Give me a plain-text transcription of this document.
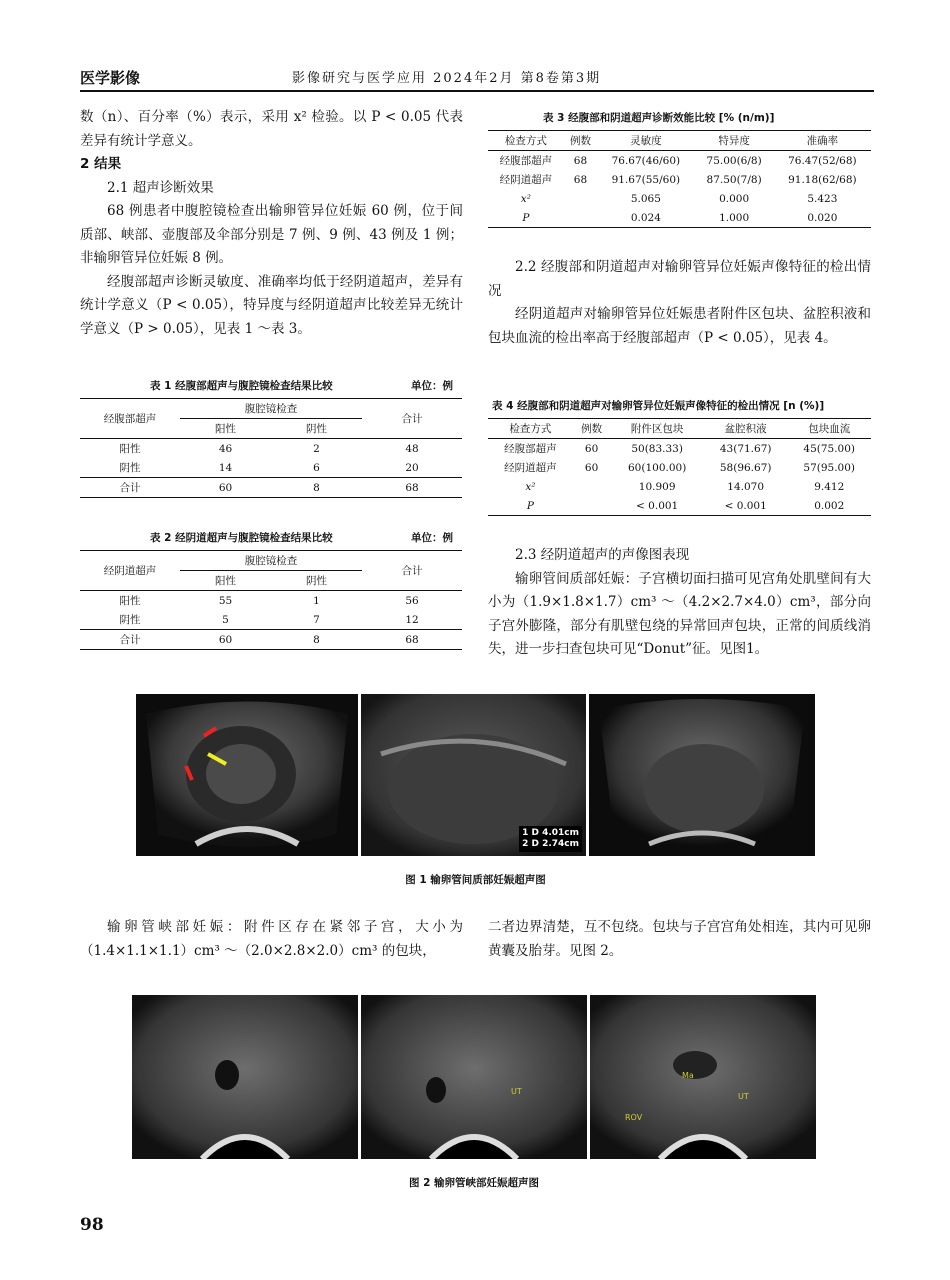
医学影像	影像研究与医学应用 2024年2月 第8卷第3期

数（n）、百分率（%）表示，采用 x² 检验。以 P < 0.05 代表差异有统计学意义。

2 结果

2.1 超声诊断效果

68 例患者中腹腔镜检查出输卵管异位妊娠 60 例，位于间质部、峡部、壶腹部及伞部分别是 7 例、9 例、43 例及 1 例；非输卵管异位妊娠 8 例。

经腹部超声诊断灵敏度、准确率均低于经阴道超声，差异有统计学意义（P < 0.05），特异度与经阴道超声比较差异无统计学意义（P > 0.05），见表 1 ～表 3。

表 1 经腹部超声与腹腔镜检查结果比较	单位：例
经腹部超声	腹腔镜检查		合计
	阳性	阴性	
阳性	46	2	48
阴性	14	6	20
合计	60	8	68
表 2 经阴道超声与腹腔镜检查结果比较	单位：例
经阴道超声	腹腔镜检查		合计
	阳性	阴性	
阳性	55	1	56
阴性	5	7	12
合计	60	8	68
表 3 经腹部和阴道超声诊断效能比较 [% (n/m)]
检查方式	例数	灵敏度	特异度	准确率
经腹部超声	68	76.67(46/60)	75.00(6/8)	76.47(52/68)
经阴道超声	68	91.67(55/60)	87.50(7/8)	91.18(62/68)
x²		5.065	0.000	5.423
P		0.024	1.000	0.020

2.2 经腹部和阴道超声对输卵管异位妊娠声像特征的检出情况

经阴道超声对输卵管异位妊娠患者附件区包块、盆腔积液和包块血流的检出率高于经腹部超声（P < 0.05），见表 4。

表 4 经腹部和阴道超声对输卵管异位妊娠声像特征的检出情况 [n (%)]
检查方式	例数	附件区包块	盆腔积液	包块血流
经腹部超声	60	50(83.33)	43(71.67)	45(75.00)
经阴道超声	60	60(100.00)	58(96.67)	57(95.00)
x²		10.909	14.070	9.412
P		< 0.001	< 0.001	0.002

2.3 经阴道超声的声像图表现

输卵管间质部妊娠：子宫横切面扫描可见宫角处肌壁间有大小为（1.9×1.8×1.7）cm³ ～（4.2×2.7×4.0）cm³，部分向子宫外膨隆，部分有肌壁包绕的异常回声包块，正常的间质线消失，进一步扫查包块可见“Donut”征。见图1。

1 D 4.01cm
2 D 2.74cm
图 1 输卵管间质部妊娠超声图

输卵管峡部妊娠：附件区存在紧邻子宫，大小为（1.4×1.1×1.1）cm³ ～（2.0×2.8×2.0）cm³ 的包块，

二者边界清楚，互不包绕。包块与子宫宫角处相连，其内可见卵黄囊及胎芽。见图 2。

UT
Ma
UT
ROV
图 2 输卵管峡部妊娠超声图
98
